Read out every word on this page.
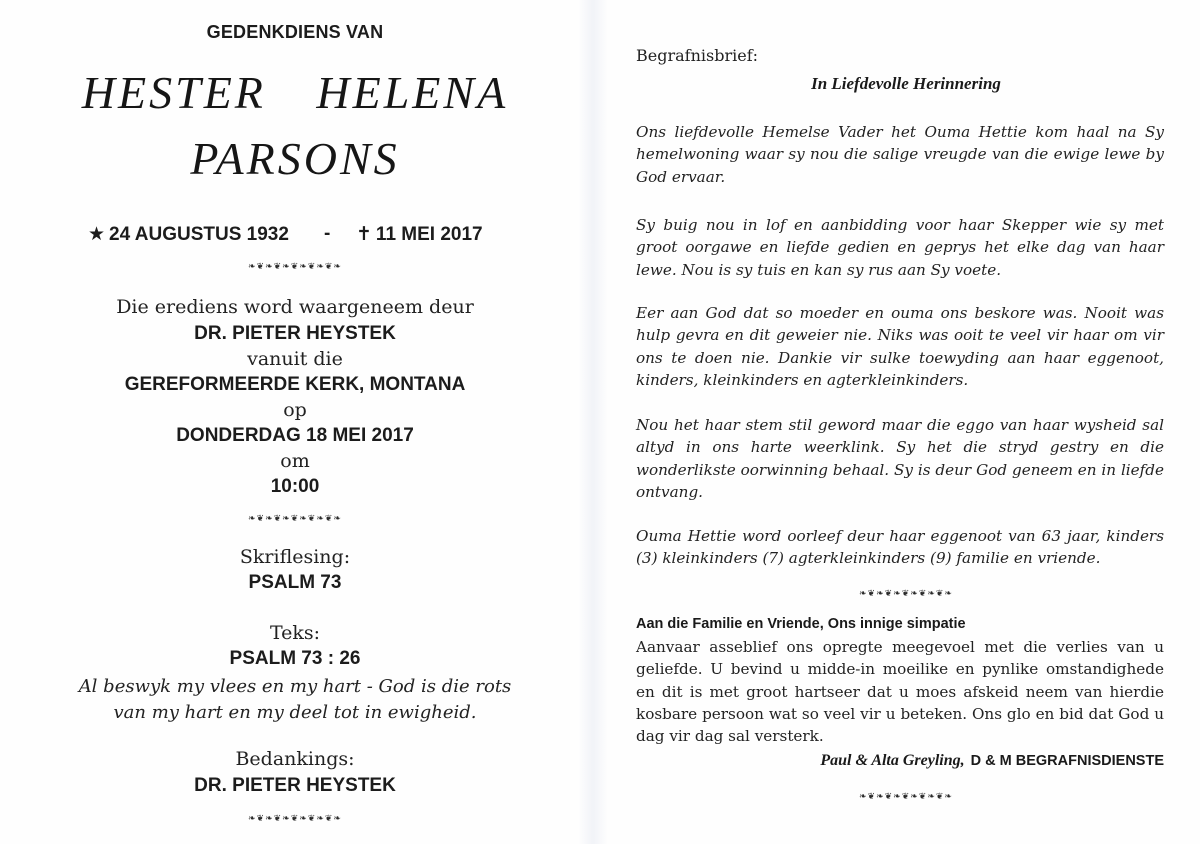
GEDENKDIENS VAN
HESTER HELENA
PARSONS
★ 24 AUGUSTUS 1932 - ✝ 11 MEI 2017
❧❦❧❦❧❦❧❦❧❦❧
Die erediens word waargeneem deur
DR. PIETER HEYSTEK
vanuit die
GEREFORMEERDE KERK, MONTANA
op
DONDERDAG 18 MEI 2017
om
10:00
❧❦❧❦❧❦❧❦❧❦❧
Skriflesing:
PSALM 73
Teks:
PSALM 73 : 26
Al beswyk my vlees en my hart - God is die rots
van my hart en my deel tot in ewigheid.
Bedankings:
DR. PIETER HEYSTEK
❧❦❧❦❧❦❧❦❧❦❧
Begrafnisbrief:
In Liefdevolle Herinnering
Ons liefdevolle Hemelse Vader het Ouma Hettie kom haal na Sy hemelwoning waar sy nou die salige vreugde van die ewige lewe by God ervaar.
Sy buig nou in lof en aanbidding voor haar Skepper wie sy met groot oorgawe en liefde gedien en geprys het elke dag van haar lewe. Nou is sy tuis en kan sy rus aan Sy voete.
Eer aan God dat so moeder en ouma ons beskore was. Nooit was hulp gevra en dit geweier nie. Niks was ooit te veel vir haar om vir ons te doen nie. Dankie vir sulke toewyding aan haar eggenoot, kinders, kleinkinders en agterkleinkinders.
Nou het haar stem stil geword maar die eggo van haar wysheid sal altyd in ons harte weerklink. Sy het die stryd gestry en die wonderlikste oorwinning behaal. Sy is deur God geneem en in liefde ontvang.
Ouma Hettie word oorleef deur haar eggenoot van 63 jaar, kinders (3) kleinkinders (7) agterkleinkinders (9) familie en vriende.
❧❦❧❦❧❦❧❦❧❦❧
Aan die Familie en Vriende, Ons innige simpatie
Aanvaar asseblief ons opregte meegevoel met die verlies van u geliefde. U bevind u midde-in moeilike en pynlike omstandighede en dit is met groot hartseer dat u moes afskeid neem van hierdie kosbare persoon wat so veel vir u beteken. Ons glo en bid dat God u dag vir dag sal versterk.
Paul & Alta Greyling, D & M BEGRAFNISDIENSTE
❧❦❧❦❧❦❧❦❧❦❧
